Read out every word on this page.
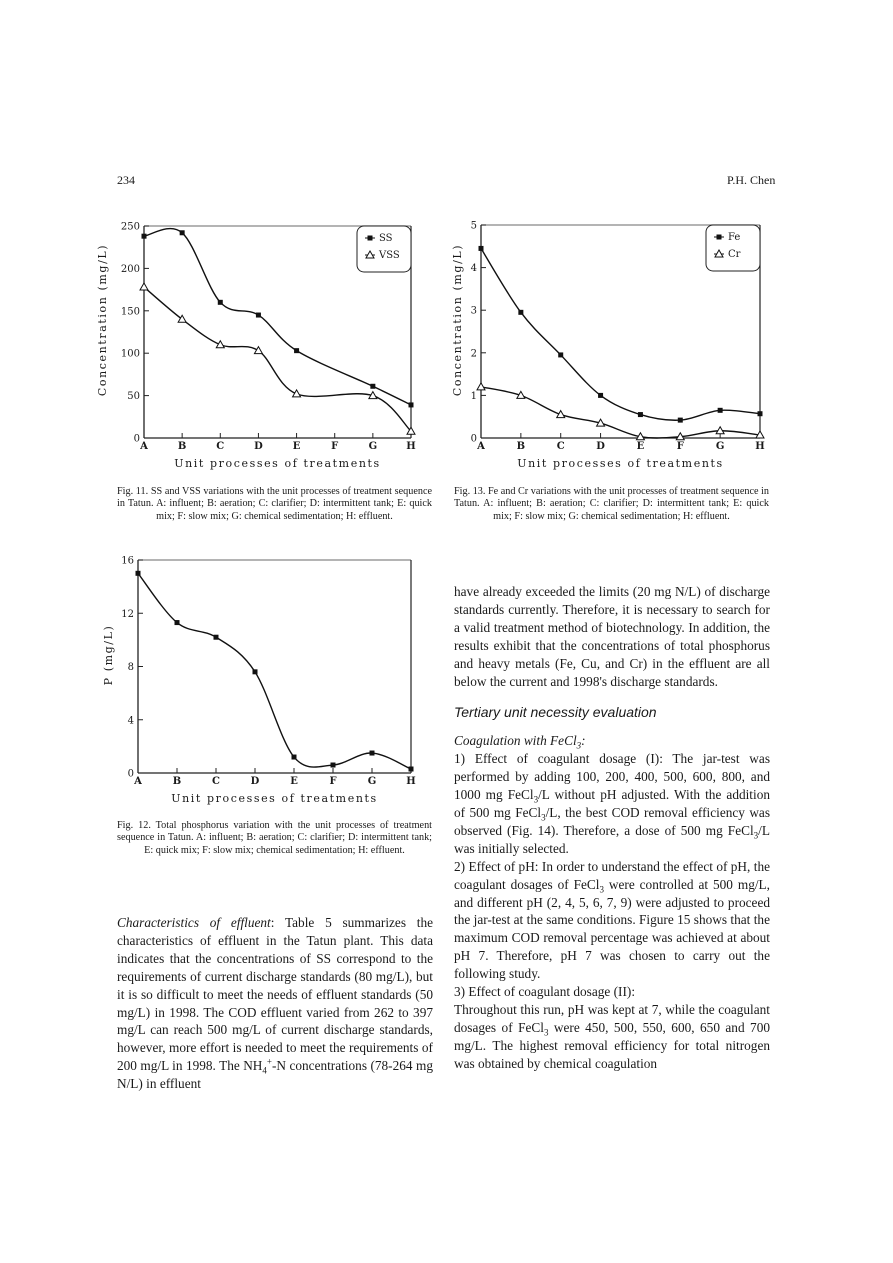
234	P.H. Chen
0
50
100
150
200
250
A	B	C	D	E	F	G	H
Unit processes of treatments
Concentration (mg/L)
SS
VSS
Fig. 11. SS and VSS variations with the unit processes of treatment sequence in Tatun. A: influent; B: aeration; C: clarifier; D: intermittent tank; E: quick mix; F: slow mix; G: chemical sedimentation; H: effluent.
0
1
2
3
4
5
A	B	C	D	E	F	G	H
Unit processes of treatments
Concentration (mg/L)
Fe
Cr
Fig. 13. Fe and Cr variations with the unit processes of treatment sequence in Tatun. A: influent; B: aeration; C: clarifier; D: intermittent tank; E: quick mix; F: slow mix; G: chemical sedimentation; H: effluent.
0
4
8
12
16
A	B	C	D	E	F	G	H
Unit processes of treatments
P (mg/L)
Fig. 12. Total phosphorus variation with the unit processes of treatment sequence in Tatun. A: influent; B: aeration; C: clarifier; D: intermittent tank; E: quick mix; F: slow mix; chemical sedimentation; H: effluent.

Characteristics of effluent: Table 5 summarizes the characteristics of effluent in the Tatun plant. This data indicates that the concentrations of SS correspond to the requirements of current discharge standards (80 mg/L), but it is so difficult to meet the needs of effluent standards (50 mg/L) in 1998. The COD effluent varied from 262 to 397 mg/L can reach 500 mg/L of current discharge standards, however, more effort is needed to meet the requirements of 200 mg/L in 1998. The $NH_4^+-N$ concentrations (78-264 mg N/L) in effluent

have already exceeded the limits (20 mg N/L) of discharge standards currently. Therefore, it is necessary to search for a valid treatment method of biotechnology. In addition, the results exhibit that the concentrations of total phosphorus and heavy metals (Fe, Cu, and Cr) in the effluent are all below the current and 1998's discharge standards.

Tertiary unit necessity evaluation

Coagulation with FeCl$_3$:

1) Effect of coagulant dosage (I): The jar-test was performed by adding 100, 200, 400, 500, 600, 800, and 1000 mg FeCl$_3$/L without pH adjusted. With the addition of 500 mg FeCl$_3$/L, the best COD removal efficiency was observed (Fig. 14). Therefore, a dose of 500 mg FeCl$_3$/L was initially selected.

2) Effect of pH: In order to understand the effect of pH, the coagulant dosages of FeCl$_3$ were controlled at 500 mg/L, and different pH (2, 4, 5, 6, 7, 9) were adjusted to proceed the jar-test at the same conditions. Figure 15 shows that the maximum COD removal percentage was achieved at about pH 7. Therefore, pH 7 was chosen to carry out the following study.

3) Effect of coagulant dosage (II):

Throughout this run, pH was kept at 7, while the coagulant dosages of FeCl$_3$ were 450, 500, 550, 600, 650 and 700 mg/L. The highest removal efficiency for total nitrogen was obtained by chemical coagulation
